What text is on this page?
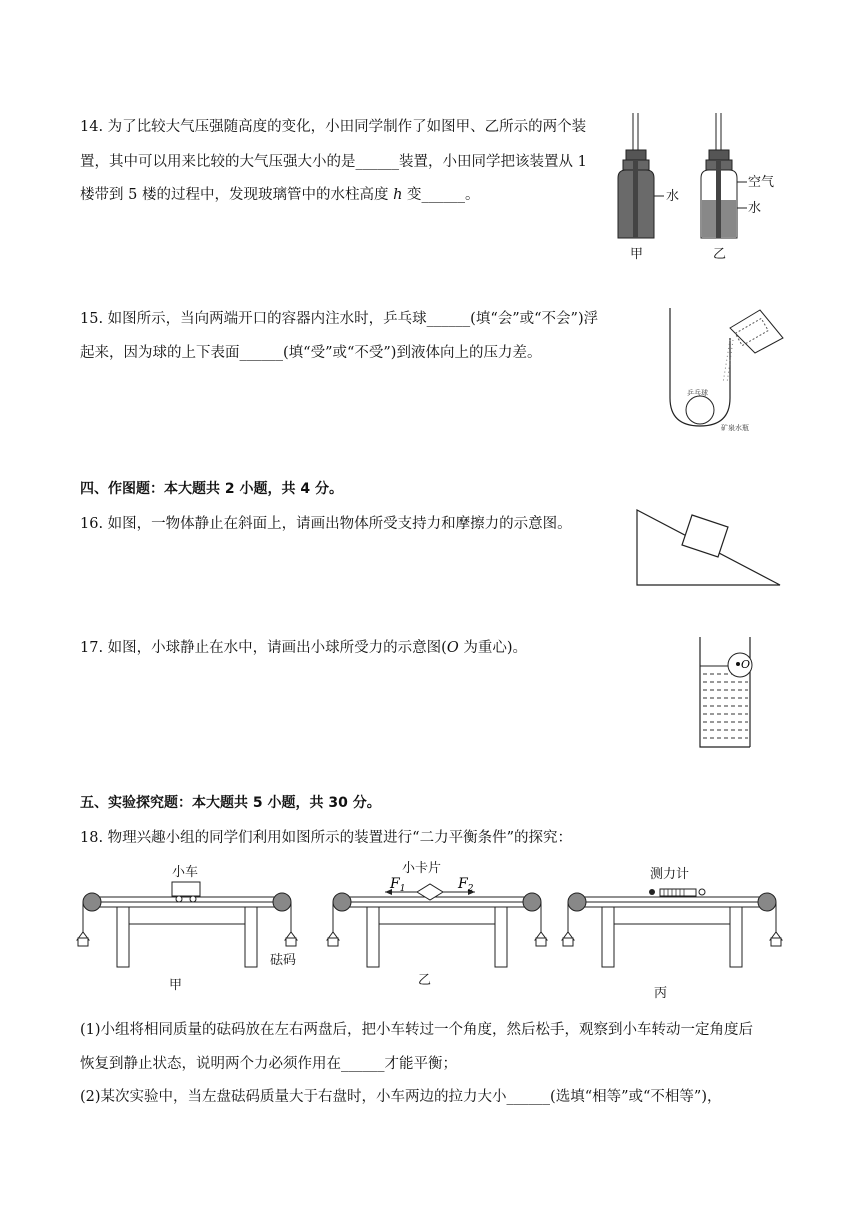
14. 为了比较大气压强随高度的变化，小田同学制作了如图甲、乙所示的两个装
置，其中可以用来比较的大气压强大小的是______装置，小田同学把该装置从 1
楼带到 5 楼的过程中，发现玻璃管中的水柱高度 h 变______。	水
甲
空气
水
乙
15. 如图所示，当向两端开口的容器内注水时，乒乓球______(填“会”或“不会”)浮
起来，因为球的上下表面______(填“受”或“不受”)到液体向上的压力差。
乒乓球
矿泉水瓶
四、作图题：本大题共 2 小题，共 4 分。
16. 如图，一物体静止在斜面上，请画出物体所受支持力和摩擦力的示意图。
17. 如图，小球静止在水中，请画出小球所受力的示意图(O 为重心)。
O
五、实验探究题：本大题共 5 小题，共 30 分。
18. 物理兴趣小组的同学们利用如图所示的装置进行“二力平衡条件”的探究：
小车
砝码
甲
小卡片
$F_1$	$F_2$
乙
测力计
丙
(1)小组将相同质量的砝码放在左右两盘后，把小车转过一个角度，然后松手，观察到小车转动一定角度后
恢复到静止状态，说明两个力必须作用在______才能平衡；
(2)某次实验中，当左盘砝码质量大于右盘时，小车两边的拉力大小______(选填“相等”或“不相等”)，
